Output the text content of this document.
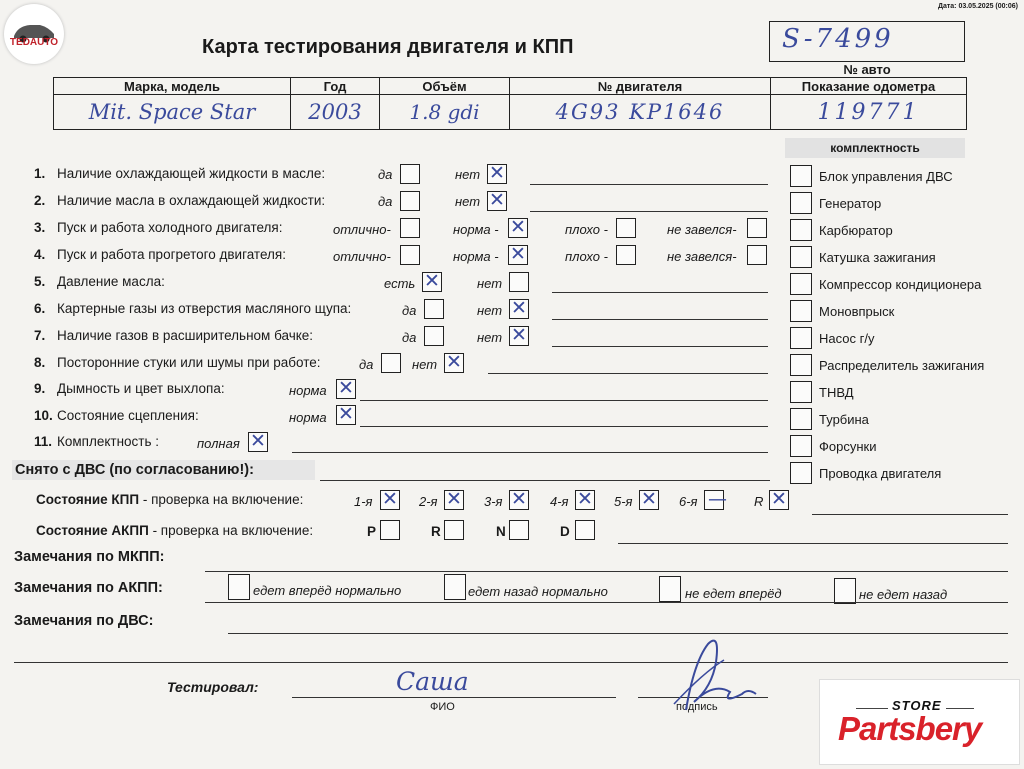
Дата: 03.05.2025 (00:06)
TEDAUTO	Карта тестирования двигателя и КПП	S-7499
№ авто
Марка, модель	Год	Объём	№ двигателя	Показание одометра
Mit. Space Star	2003	1.8 gdi	4G93 KP1646	119771
комплектность
Блок управления ДВС
Генератор
Карбюратор
Катушка зажигания
Компрессор кондиционера
Моновпрыск
Насос г/у
Распределитель зажигания
ТНВД
Турбина
Форсунки
Проводка двигателя
1. Наличие охлаждающей жидкости в масле:	да	нет ✕
2. Наличие масла в охлаждающей жидкости:	да	нет ✕
3. Пуск и работа холодного двигателя:	отлично-	норма - ✕	плохо -	не завелся-
4. Пуск и работа прогретого двигателя:	отлично-	норма - ✕	плохо -	не завелся-
5. Давление масла:	есть ✕	нет
6. Картерные газы из отверстия масляного щупа:	да	нет ✕
7. Наличие газов в расширительном бачке:	да	нет ✕
8. Посторонние стуки или шумы при работе:	да	нет ✕
9. Дымность и цвет выхлопа:	норма ✕
10. Состояние сцепления:	норма ✕
11. Комплектность :	полная ✕
Снято с ДВС (по согласованию!):
Состояние КПП - проверка на включение:	1-я ✕ 2-я ✕ 3-я ✕ 4-я ✕ 5-я ✕ 6-я — R ✕
Состояние АКПП - проверка на включение:	P	R	N	D
Замечания по МКПП:
Замечания по АКПП:	едет вперёд нормально	едет назад нормально	не едет вперёд	не едет назад
Замечания по ДВС:
Тестировал:	Саша
ФИО	подпись	STORE
Partsbery
